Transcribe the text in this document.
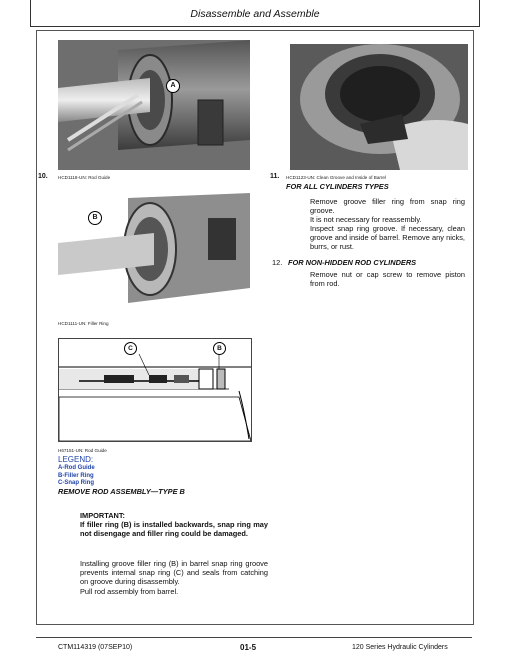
Disassemble and Assemble
A
10. HCD1118-UN: Rod Guide	11. HCD1123-UN: Clean Groove and Inside of Barrel
FOR ALL CYLINDERS TYPES
Remove groove filler ring from snap ring groove.
It is not necessary for reassembly.
Inspect snap ring groove. If necessary, clean groove and inside of barrel. Remove any nicks, burrs, or rust.
12. FOR NON-HIDDEN ROD CYLINDERS
Remove nut or cap screw to remove piston from rod.
B
HCD1111-UN: Filler Ring
C	B
H67151-UN: Rod Guide
LEGEND:
A-Rod Guide
B-Filler Ring
C-Snap Ring
REMOVE ROD ASSEMBLY—TYPE B
IMPORTANT:
If filler ring (B) is installed backwards, snap ring may not disengage and filler ring could be damaged.
Installing groove filler ring (B) in barrel snap ring groove prevents internal snap ring (C) and seals from catching on groove during disassembly.
Pull rod assembly from barrel.
CTM114319 (07SEP10)	01-5	120 Series Hydraulic Cylinders
